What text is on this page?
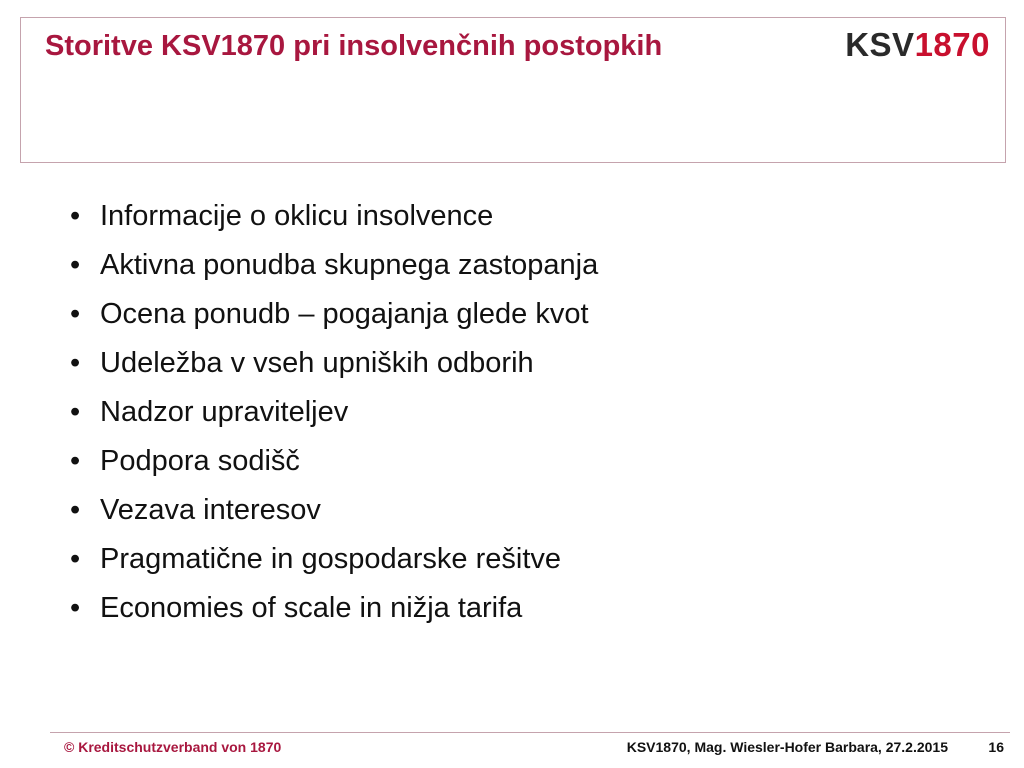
Storitve KSV1870 pri insolvenčnih postopkih	KSV1870
• Informacije o oklicu insolvence
• Aktivna ponudba skupnega zastopanja
• Ocena ponudb – pogajanja glede kvot
• Udeležba v vseh upniških odborih
• Nadzor upraviteljev
• Podpora sodišč
• Vezava interesov
• Pragmatične in gospodarske rešitve
• Economies of scale in nižja tarifa
© Kreditschutzverband von 1870	KSV1870, Mag. Wiesler-Hofer Barbara, 27.2.2015	16
